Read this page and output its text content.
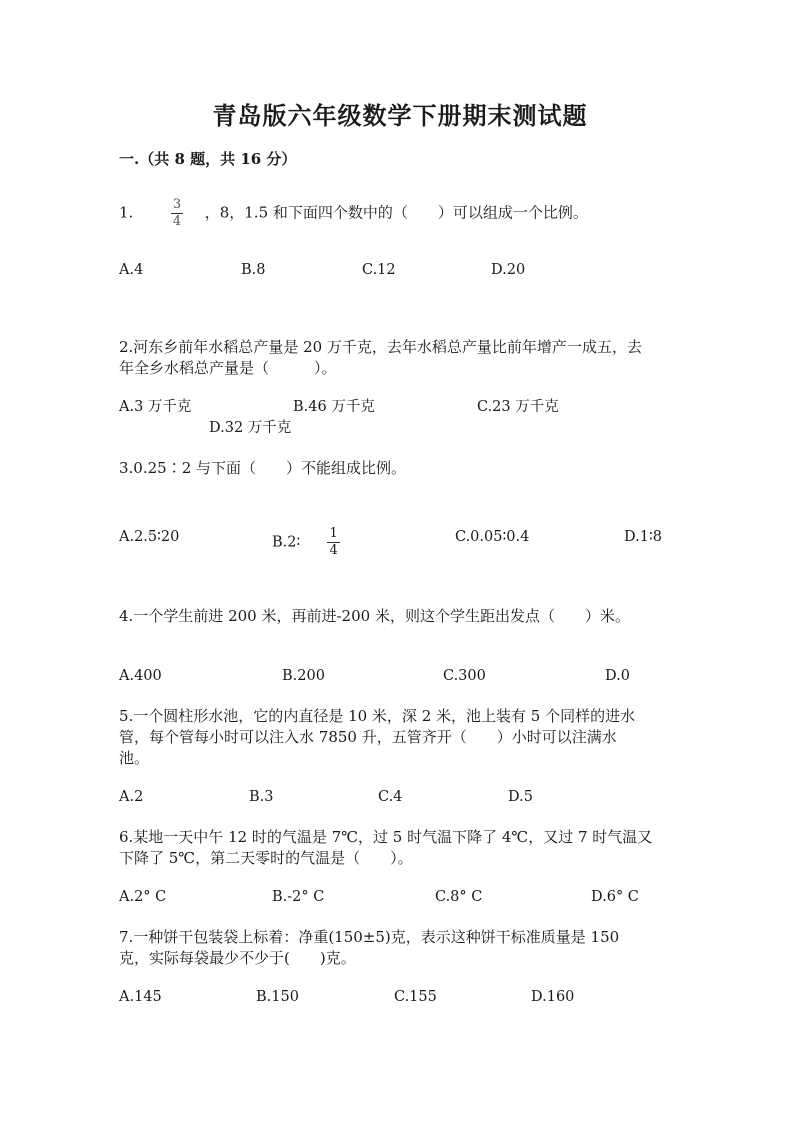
青岛版六年级数学下册期末测试题
一.（共 8 题，共 16 分）
1.	$\frac{3}{4}$ ，8，1.5 和下面四个数中的（　　）可以组成一个比例。
A.4	B.8	C.12	D.20
2.河东乡前年水稻总产量是 20 万千克，去年水稻总产量比前年增产一成五，去
年全乡水稻总产量是（　　　）。
A.3 万千克	B.46 万千克	C.23 万千克
D.32 万千克
3.0.25∶2 与下面（　　）不能组成比例。
A.2.5∶20	B.2∶ $\frac{1}{4}$	C.0.05∶0.4	D.1∶8
4.一个学生前进 200 米，再前进-200 米，则这个学生距出发点（　　）米。
A.400	B.200	C.300	D.0
5.一个圆柱形水池，它的内直径是 10 米，深 2 米，池上装有 5 个同样的进水
管，每个管每小时可以注入水 7850 升，五管齐开（　　）小时可以注满水
池。
A.2	B.3	C.4	D.5
6.某地一天中午 12 时的气温是 7℃，过 5 时气温下降了 4℃，又过 7 时气温又
下降了 5℃，第二天零时的气温是（　　）。
A.2° C	B.-2° C	C.8° C	D.6° C
7.一种饼干包装袋上标着：净重(150±5)克，表示这种饼干标准质量是 150
克，实际每袋最少不少于(　　)克。
A.145	B.150	C.155	D.160
